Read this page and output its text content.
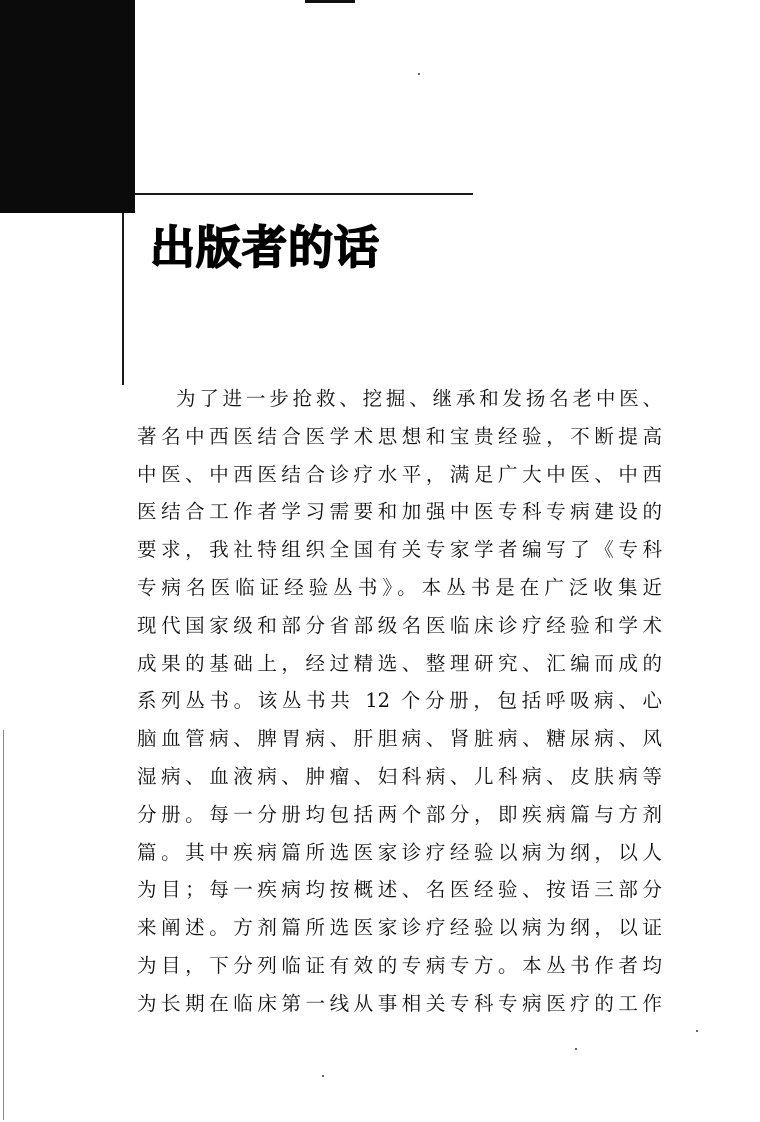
出版者的话
为了进一步抢救、挖掘、继承和发扬名老中医、
著名中西医结合医学术思想和宝贵经验，不断提高
中医、中西医结合诊疗水平，满足广大中医、中西
医结合工作者学习需要和加强中医专科专病建设的
要求，我社特组织全国有关专家学者编写了《专科
专病名医临证经验丛书》。本丛书是在广泛收集近
现代国家级和部分省部级名医临床诊疗经验和学术
成果的基础上，经过精选、整理研究、汇编而成的
系列丛书。该丛书共 12 个分册，包括呼吸病、心
脑血管病、脾胃病、肝胆病、肾脏病、糖尿病、风
湿病、血液病、肿瘤、妇科病、儿科病、皮肤病等
分册。每一分册均包括两个部分，即疾病篇与方剂
篇。其中疾病篇所选医家诊疗经验以病为纲，以人
为目；每一疾病均按概述、名医经验、按语三部分
来阐述。方剂篇所选医家诊疗经验以病为纲，以证
为目，下分列临证有效的专病专方。本丛书作者均
为长期在临床第一线从事相关专科专病医疗的工作
